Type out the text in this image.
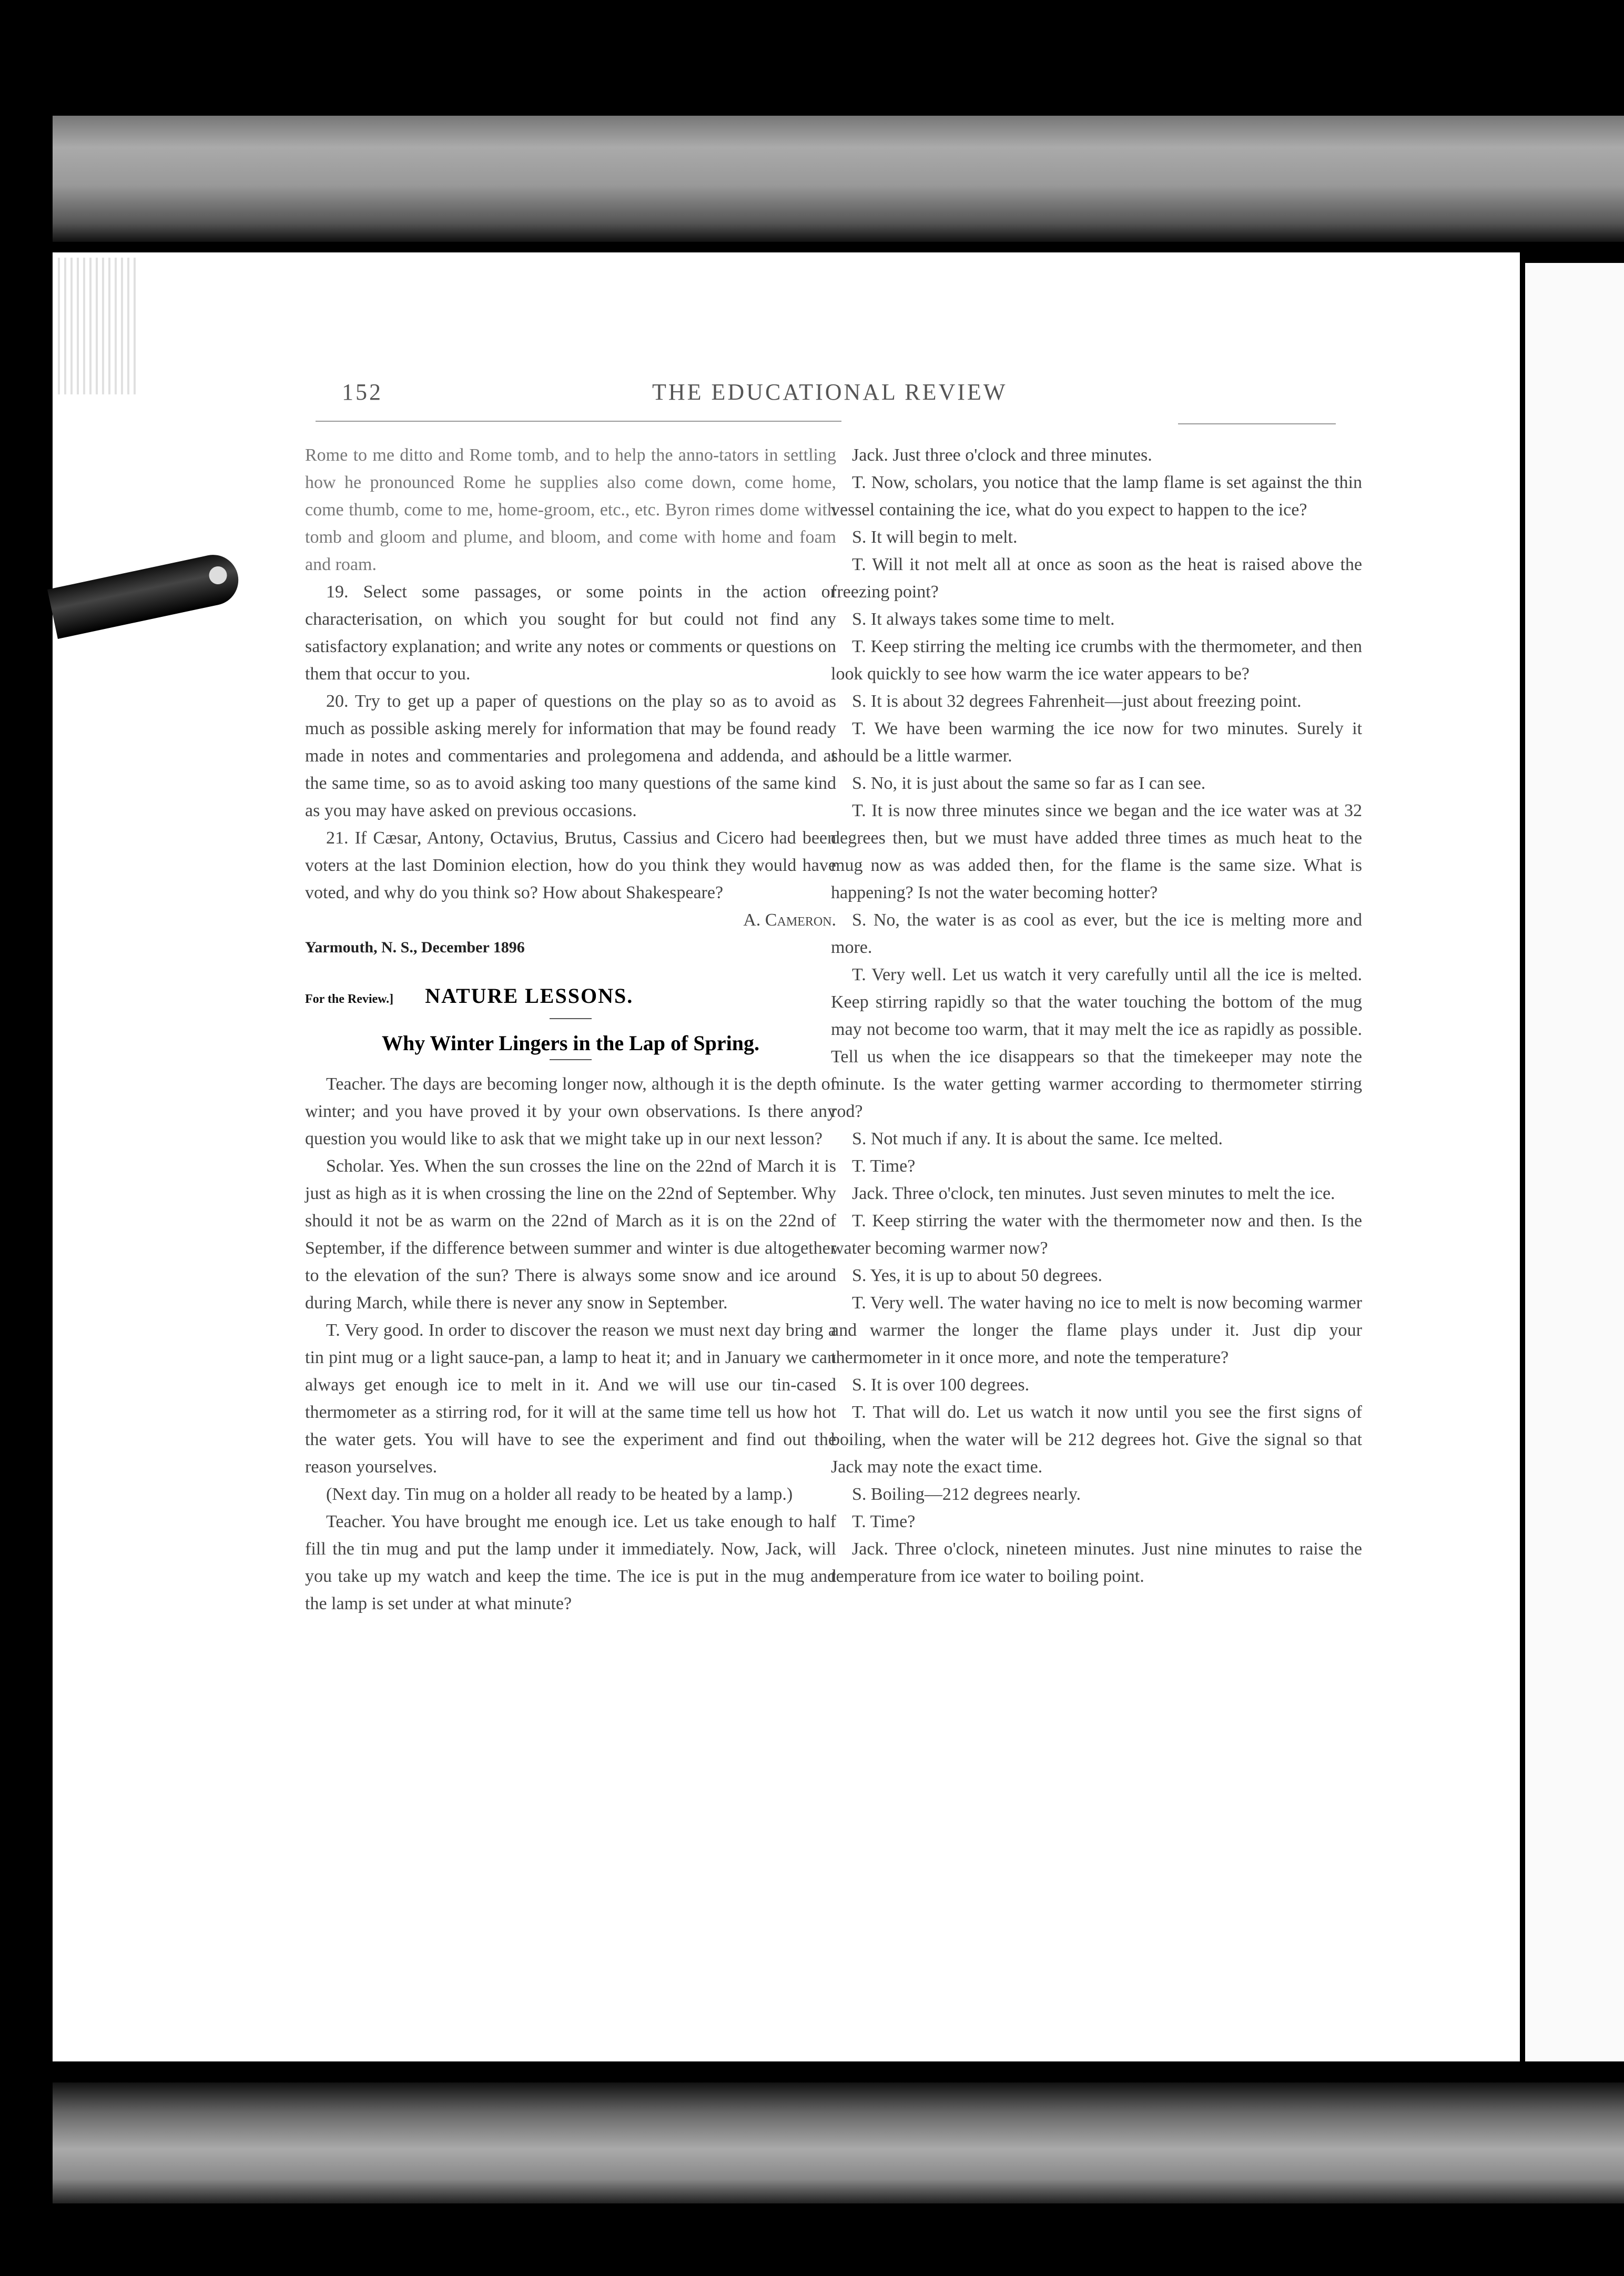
152	THE EDUCATIONAL REVIEW

Rome to me ditto and Rome tomb, and to help the anno-tators in settling how he pronounced Rome he supplies also come down, come home, come thumb, come to me, home-groom, etc., etc. Byron rimes dome with tomb and gloom and plume, and bloom, and come with home and foam and roam.

19. Select some passages, or some points in the action or characterisation, on which you sought for but could not find any satisfactory explanation; and write any notes or comments or questions on them that occur to you.

20. Try to get up a paper of questions on the play so as to avoid as much as possible asking merely for information that may be found ready made in notes and commentaries and prolegomena and addenda, and at the same time, so as to avoid asking too many questions of the same kind as you may have asked on previous occasions.

21. If Cæsar, Antony, Octavius, Brutus, Cassius and Cicero had been voters at the last Dominion election, how do you think they would have voted, and why do you think so? How about Shakespeare?

A. Cameron.

Yarmouth, N. S., December 1896

For the Review.] NATURE LESSONS.

Why Winter Lingers in the Lap of Spring.

Teacher. The days are becoming longer now, although it is the depth of winter; and you have proved it by your own observations. Is there any question you would like to ask that we might take up in our next lesson?

Scholar. Yes. When the sun crosses the line on the 22nd of March it is just as high as it is when crossing the line on the 22nd of September. Why should it not be as warm on the 22nd of March as it is on the 22nd of September, if the difference between summer and winter is due altogether to the elevation of the sun? There is always some snow and ice around during March, while there is never any snow in September.

T. Very good. In order to discover the reason we must next day bring a tin pint mug or a light sauce-pan, a lamp to heat it; and in January we can always get enough ice to melt in it. And we will use our tin-cased thermometer as a stirring rod, for it will at the same time tell us how hot the water gets. You will have to see the experiment and find out the reason yourselves.

(Next day. Tin mug on a holder all ready to be heated by a lamp.)

Teacher. You have brought me enough ice. Let us take enough to half fill the tin mug and put the lamp under it immediately. Now, Jack, will you take up my watch and keep the time. The ice is put in the mug and the lamp is set under at what minute?

Jack. Just three o'clock and three minutes.

T. Now, scholars, you notice that the lamp flame is set against the thin vessel containing the ice, what do you expect to happen to the ice?

S. It will begin to melt.

T. Will it not melt all at once as soon as the heat is raised above the freezing point?

S. It always takes some time to melt.

T. Keep stirring the melting ice crumbs with the thermometer, and then look quickly to see how warm the ice water appears to be?

S. It is about 32 degrees Fahrenheit—just about freezing point.

T. We have been warming the ice now for two minutes. Surely it should be a little warmer.

S. No, it is just about the same so far as I can see.

T. It is now three minutes since we began and the ice water was at 32 degrees then, but we must have added three times as much heat to the mug now as was added then, for the flame is the same size. What is happening? Is not the water becoming hotter?

S. No, the water is as cool as ever, but the ice is melting more and more.

T. Very well. Let us watch it very carefully until all the ice is melted. Keep stirring rapidly so that the water touching the bottom of the mug may not become too warm, that it may melt the ice as rapidly as possible. Tell us when the ice disappears so that the timekeeper may note the minute. Is the water getting warmer according to thermometer stirring rod?

S. Not much if any. It is about the same. Ice melted.

T. Time?

Jack. Three o'clock, ten minutes. Just seven minutes to melt the ice.

T. Keep stirring the water with the thermometer now and then. Is the water becoming warmer now?

S. Yes, it is up to about 50 degrees.

T. Very well. The water having no ice to melt is now becoming warmer and warmer the longer the flame plays under it. Just dip your thermometer in it once more, and note the temperature?

S. It is over 100 degrees.

T. That will do. Let us watch it now until you see the first signs of boiling, when the water will be 212 degrees hot. Give the signal so that Jack may note the exact time.

S. Boiling—212 degrees nearly.

T. Time?

Jack. Three o'clock, nineteen minutes. Just nine minutes to raise the temperature from ice water to boiling point.
